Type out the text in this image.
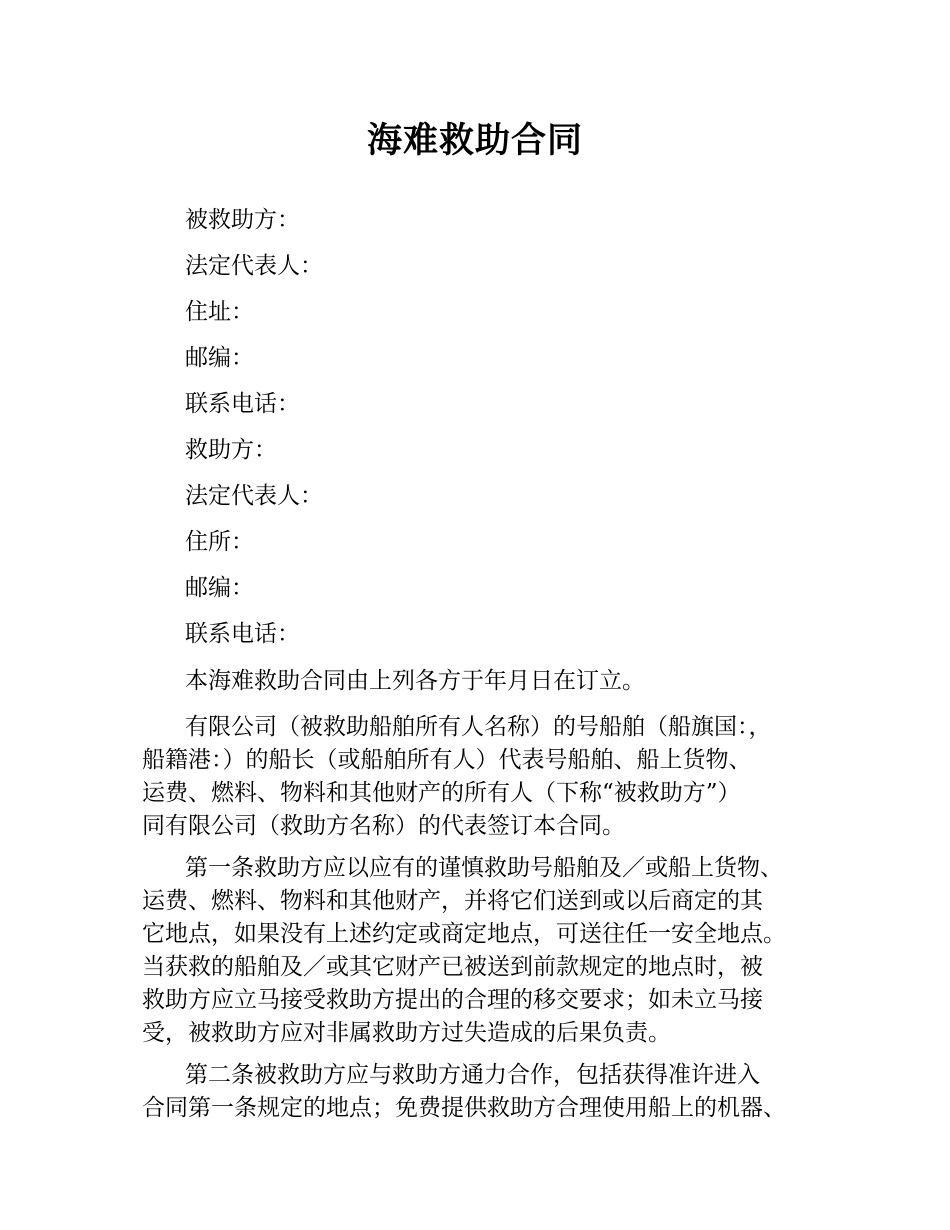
海难救助合同
被救助方：
法定代表人：
住址：
邮编：
联系电话：
救助方：
法定代表人：
住所：
邮编：
联系电话：
本海难救助合同由上列各方于年月日在订立。
有限公司（被救助船舶所有人名称）的号船舶（船旗国：，
船籍港：）的船长（或船舶所有人）代表号船舶、船上货物、
运费、燃料、物料和其他财产的所有人（下称“被救助方”）
同有限公司（救助方名称）的代表签订本合同。
第一条救助方应以应有的谨慎救助号船舶及／或船上货物、
运费、燃料、物料和其他财产，并将它们送到或以后商定的其
它地点，如果没有上述约定或商定地点，可送往任一安全地点。
当获救的船舶及／或其它财产已被送到前款规定的地点时，被
救助方应立马接受救助方提出的合理的移交要求；如未立马接
受，被救助方应对非属救助方过失造成的后果负责。
第二条被救助方应与救助方通力合作，包括获得准许进入
合同第一条规定的地点；免费提供救助方合理使用船上的机器、
